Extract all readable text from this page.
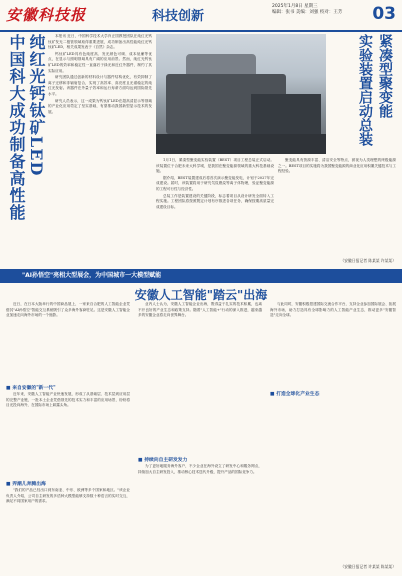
安徽科技报	科技创新
2025年1月8日 星期三
编辑：张书 美编：刘强 校对：王芳 03
中国科大成功制备高性能 纯红光钙钛矿LED	本报讯 近日，中国科学技术大学肖正国教授团队在纯红光钙钛矿发光二极管领域取得重要进展，成功制备出高性能纯红光钙钛矿LED，相关成果发表于《自然》杂志。

钙钛矿LED具有色纯度高、发光颜色可调、成本低廉等优点，在显示与照明领域具有广阔的应用前景。然而，纯红光钙钛矿LED的效率和稳定性一直落后于绿光和近红外器件，制约了其实际应用。

研究团队通过创新的材料设计与器件结构优化，有效抑制了离子迁移和非辐射复合，实现了高效率、高亮度且光谱稳定的纯红光发射。该器件在外量子效率和运行寿命方面均达到国际领先水平。

研究人员表示，这一成果为钙钛矿LED在超高清显示等领域的产业化应用奠定了坚实基础，有望推动我国新型显示技术的发展。	紧凑型聚变能
实验装置启动总装

1月1日，紧凑型聚变能实验装置（BEST）项目工程总装正式启动。该装置位于合肥未来大科学城，是我国在聚变能源领域的重大科技基础设施。

据介绍，BEST装置建成后将首次演示聚变能发电，计划于2027年完成建设。届时，该装置将用于研究氘氚燃烧等离子体物理，验证聚变能源的工程可行性与经济性。

总装工作是装置建设的关键阶段，标志着项目从设计研发全面转入工程实施。工程团队将按照既定计划有序推进各项任务，确保按期高质量完成建设目标。

聚变能具有资源丰富、清洁安全等特点，被视为人类理想的终极能源之一。BEST项目的实施将为我国聚变能源的商业化应用积累关键技术与工程经验。

（安徽日报记者 陈某某 许某某）
"AI孙悟空"亮相大型展会，为中国城市一大模型赋能
安徽人工智能"踏云"出海

近日，在日本大阪举行的中国商品展上，一家来自合肥的人工智能企业凭借其"AI孙悟空"智能交互系统吸引了众多海外客商驻足。这是安徽人工智能企业加速走向海外市场的一个缩影。

■ 来自安徽的"新一代"

近年来，安徽人工智能产业快速发展，形成了从基础层、技术层到应用层的完整产业链，一批本土企业凭借领先的技术实力和丰富的应用场景，纷纷将目光投向海外，在国际市场上崭露头角。

■ 弄潮儿奔腾出海

"我们的产品已经出口到东南亚、中东、欧洲等多个国家和地区。"该企业负责人介绍，公司自主研发的多语种大模型能够支持数十种语言的实时交互，满足不同国家用户的需求。

业内人士认为，安徽人工智能企业出海，既得益于扎实的技术积累，也离不开良好的产业生态和政策支持。随着"人工智能+"行动的深入推进，越来越多的安徽企业将走向世界舞台。

■ 持续向自主研发发力

为了更好地服务海外客户，不少企业在海外设立了研发中心和服务网点，持续加大自主研发投入，推动核心技术迭代升级，提升产品的国际竞争力。

与此同时，安徽积极搭建国际交流合作平台，支持企业参加国际展会、拓展海外市场，助力打造具有全球影响力的人工智能产业生态，推动更多"安徽智造"走向全球。

■ 打造全球化产业生态
（安徽日报记者 许某某 陈某某）
